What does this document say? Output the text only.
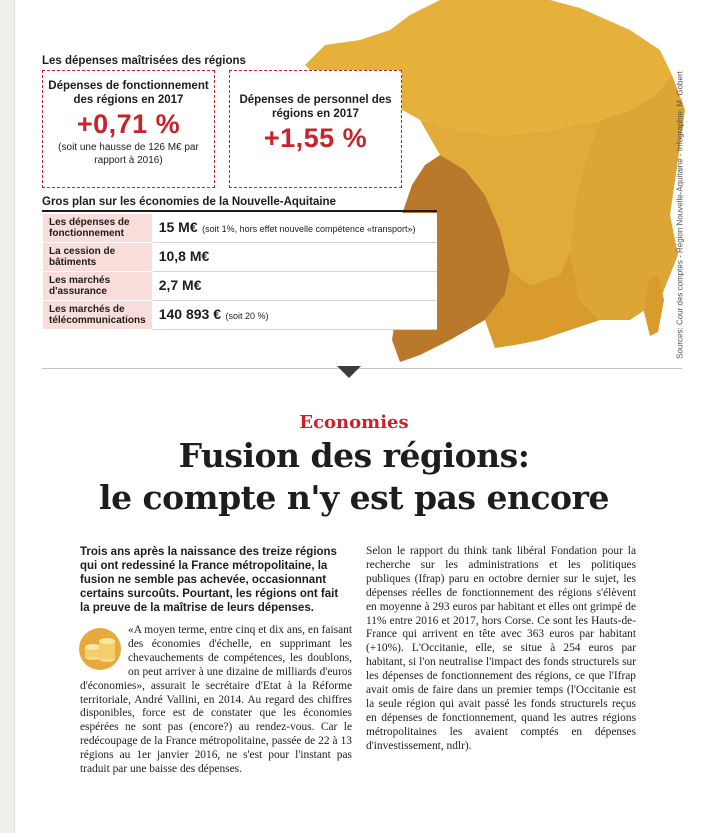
Les dépenses maîtrisées des régions
Dépenses de fonctionnement des régions en 2017
+0,71 %
(soit une hausse de 126 M€ par rapport à 2016)
Dépenses de personnel des régions en 2017
+1,55 %
Gros plan sur les économies de la Nouvelle-Aquitaine
Les dépenses de fonctionnement	15 M€ (soit 1%, hors effet nouvelle compétence «transport»)
La cession de bâtiments	10,8 M€
Les marchés d'assurance	2,7 M€
Les marchés de télécommunications	140 893 € (soit 20 %)	Sources: Cour des comptes - Région Nouvelle-Aquitaine - Infographie: M. Gobert
Economies
Fusion des régions:
le compte n'y est pas encore
Trois ans après la naissance des treize régions qui ont redessiné la France métropolitaine, la fusion ne semble pas achevée, occasionnant certains surcoûts. Pourtant, les régions ont fait la preuve de la maîtrise de leurs dépenses.

«A moyen terme, entre cinq et dix ans, en faisant des économies d'échelle, en supprimant les chevauchements de compétences, les doublons, on peut arriver à une dizaine de milliards d'euros d'économies», assurait le secrétaire d'Etat à la Réforme territoriale, André Vallini, en 2014. Au regard des chiffres disponibles, force est de constater que les économies espérées ne sont pas (encore?) au rendez-vous. Car le redécoupage de la France métropolitaine, passée de 22 à 13 régions au 1er janvier 2016, ne s'est pour l'instant pas traduit par une baisse des dépenses.

Selon le rapport du think tank libéral Fondation pour la recherche sur les administrations et les politiques publiques (Ifrap) paru en octobre dernier sur le sujet, les dépenses réelles de fonctionnement des régions s'élèvent en moyenne à 293 euros par habitant et elles ont grimpé de 11% entre 2016 et 2017, hors Corse. Ce sont les Hauts-de-France qui arrivent en tête avec 363 euros par habitant (+10%). L'Occitanie, elle, se situe à 254 euros par habitant, si l'on neutralise l'impact des fonds structurels sur les dépenses de fonctionnement des régions, ce que l'Ifrap avait omis de faire dans un premier temps (l'Occitanie est la seule région qui avait passé les fonds structurels reçus en dépenses de fonctionnement, quand les autres régions métropolitaines les avaient comptés en dépenses d'investissement, ndlr).
